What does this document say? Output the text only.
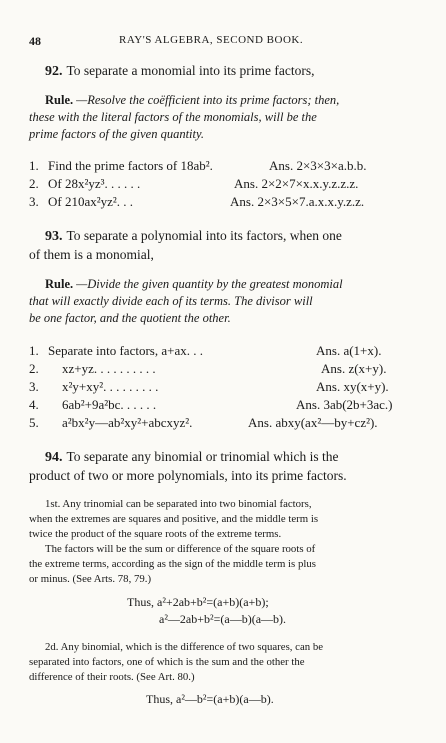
48	RAY'S ALGEBRA, SECOND BOOK.
92. To separate a monomial into its prime factors,
Rule. —Resolve the coëfficient into its prime factors; then,
these with the literal factors of the monomials, will be the
prime factors of the given quantity.
1. Find the prime factors of 18ab².	Ans. 2×3×3×a.b.b.
2. Of 28x²yz³. . . . . .	Ans. 2×2×7×x.x.y.z.z.z.
3. Of 210ax²yz². . .	Ans. 2×3×5×7.a.x.x.y.z.z.
93. To separate a polynomial into its factors, when one
of them is a monomial,
Rule. —Divide the given quantity by the greatest monomial
that will exactly divide each of its terms. The divisor will
be one factor, and the quotient the other.
1. Separate into factors, a+ax. . .	Ans. a(1+x).
2. xz+yz. . . . . . . . . .	Ans. z(x+y).
3. x²y+xy². . . . . . . . .	Ans. xy(x+y).
4. 6ab²+9a²bc. . . . . .	Ans. 3ab(2b+3ac.)
5. a²bx²y—ab²xy²+abcxyz².	Ans. abxy(ax²—by+cz²).
94. To separate any binomial or trinomial which is the
product of two or more polynomials, into its prime factors.
1st. Any trinomial can be separated into two binomial factors,
when the extremes are squares and positive, and the middle term is
twice the product of the square roots of the extreme terms.
The factors will be the sum or difference of the square roots of
the extreme terms, according as the sign of the middle term is plus
or minus. (See Arts. 78, 79.)
Thus, a²+2ab+b²=(a+b)(a+b);
a²—2ab+b²=(a—b)(a—b).
2d. Any binomial, which is the difference of two squares, can be
separated into factors, one of which is the sum and the other the
difference of their roots. (See Art. 80.)
Thus, a²—b²=(a+b)(a—b).
